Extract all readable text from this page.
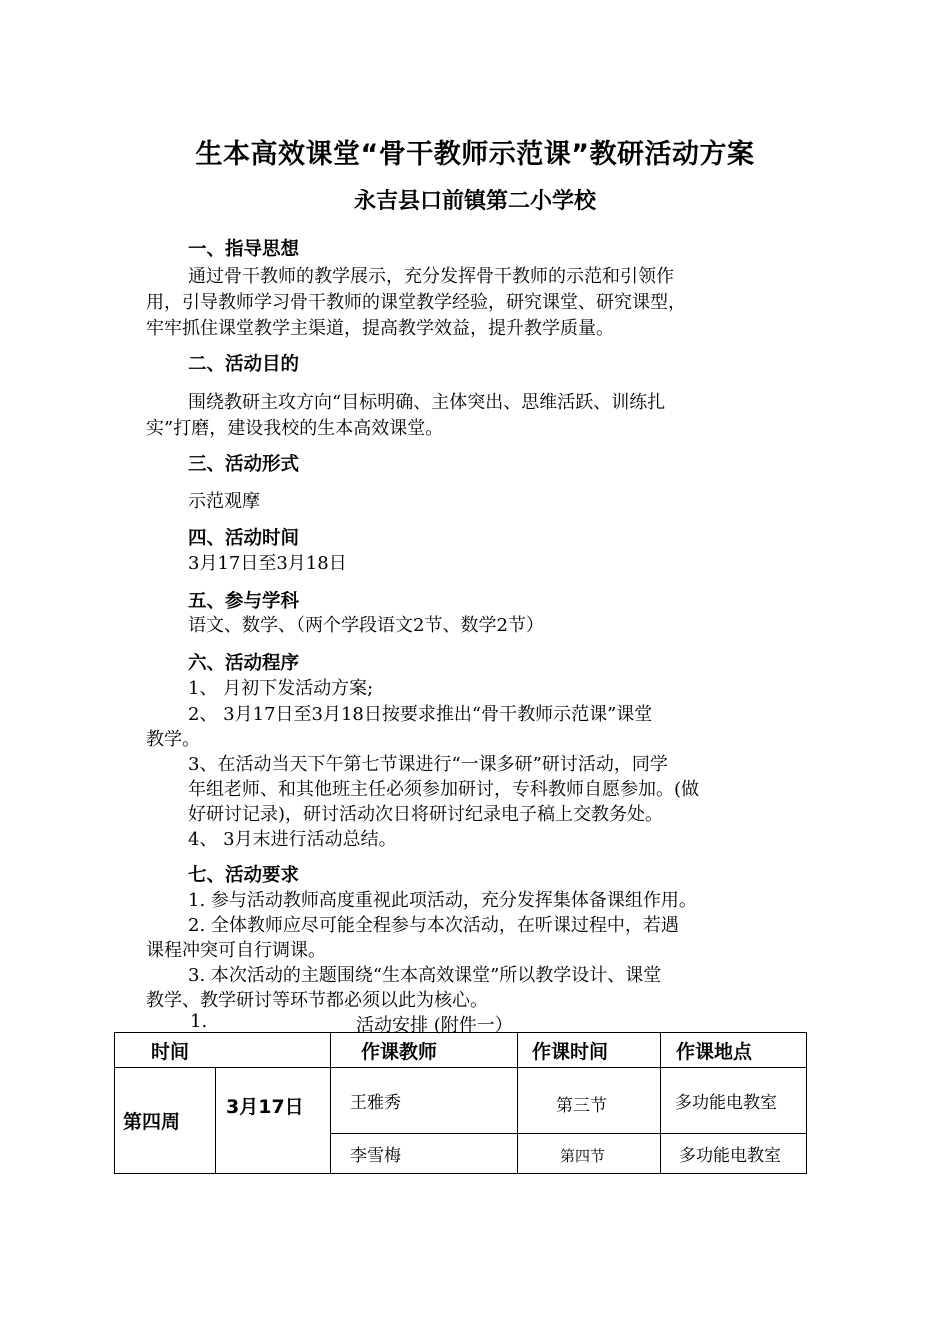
生本高效课堂“骨干教师示范课”教研活动方案
永吉县口前镇第二小学校
一、指导思想
通过骨干教师的教学展示，充分发挥骨干教师的示范和引领作
用，引导教师学习骨干教师的课堂教学经验，研究课堂、研究课型，
牢牢抓住课堂教学主渠道，提高教学效益，提升教学质量。
二、活动目的
围绕教研主攻方向“目标明确、主体突出、思维活跃、训练扎
实”打磨，建设我校的生本高效课堂。
三、活动形式
示范观摩
四、活动时间
3月17日至3月18日
五、参与学科
语文、数学、（两个学段语文2节、数学2节）
六、活动程序
1、 月初下发活动方案;
2、 3月17日至3月18日按要求推出“骨干教师示范课”课堂
教学。
3、在活动当天下午第七节课进行“一课多研”研讨活动，同学
年组老师、和其他班主任必须参加研讨，专科教师自愿参加。(做
好研讨记录)，研讨活动次日将研讨纪录电子稿上交教务处。
4、 3月末进行活动总结。
七、活动要求
1. 参与活动教师高度重视此项活动，充分发挥集体备课组作用。
2. 全体教师应尽可能全程参与本次活动，在听课过程中，若遇
课程冲突可自行调课。
3. 本次活动的主题围绕“生本高效课堂”所以教学设计、课堂
教学、教学研讨等环节都必须以此为核心。
1.	活动安排 (附件一）
时间		作课教师	作课时间	作课地点
第四周	3月17日	王雅秀	第三节	多功能电教室
		李雪梅	第四节	多功能电教室
